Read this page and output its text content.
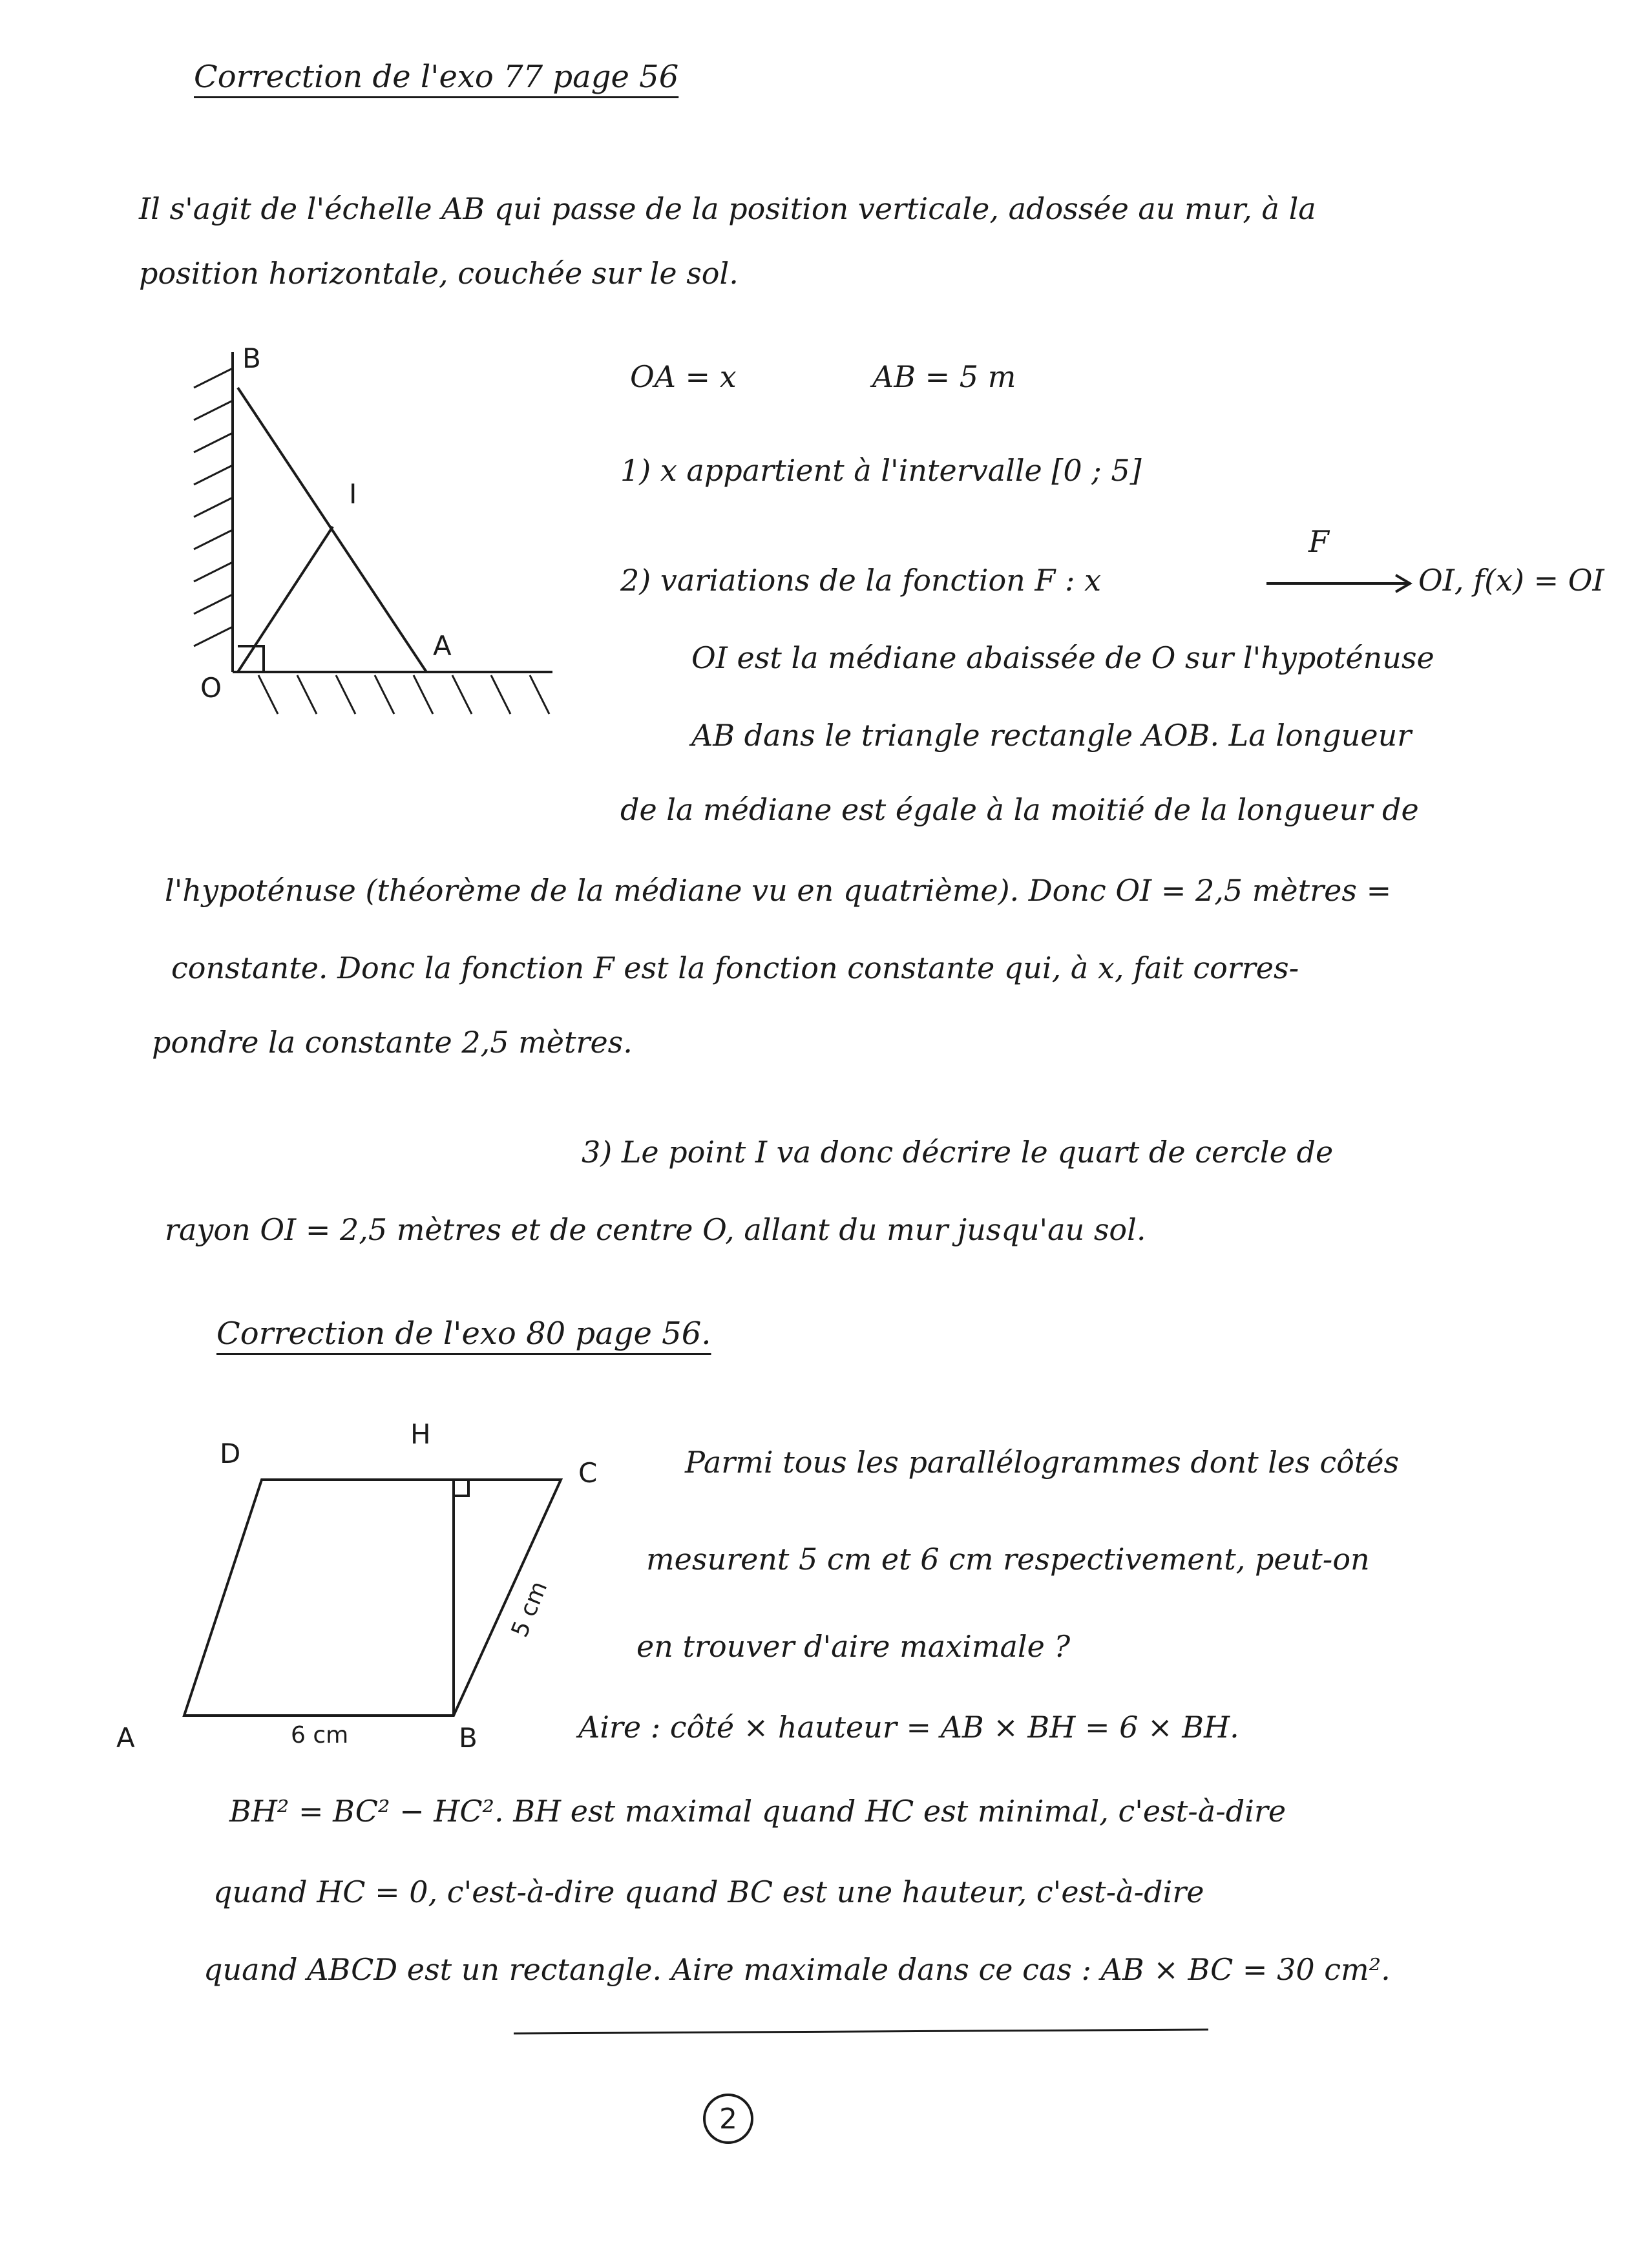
Correction de l'exo 77 page 56
Il s'agit de l'échelle AB qui passe de la position verticale, adossée au mur, à la
position horizontale, couchée sur le sol.
B
I
A
O
OA = x	AB = 5 m
1) x appartient à l'intervalle [0 ; 5]
2) variations de la fonction F : x
F
OI, f(x) = OI
OI est la médiane abaissée de O sur l'hypoténuse
AB dans le triangle rectangle AOB. La longueur
de la médiane est égale à la moitié de la longueur de
l'hypoténuse (théorème de la médiane vu en quatrième). Donc OI = 2,5 mètres =
constante. Donc la fonction F est la fonction constante qui, à x, fait corres-
pondre la constante 2,5 mètres.
3) Le point I va donc décrire le quart de cercle de
rayon OI = 2,5 mètres et de centre O, allant du mur jusqu'au sol.
Correction de l'exo 80 page 56.
D
H
C
A	B
6 cm
5 cm
Parmi tous les parallélogrammes dont les côtés
mesurent 5 cm et 6 cm respectivement, peut-on
en trouver d'aire maximale ?
Aire : côté × hauteur = AB × BH = 6 × BH.
BH² = BC² − HC². BH est maximal quand HC est minimal, c'est-à-dire
quand HC = 0, c'est-à-dire quand BC est une hauteur, c'est-à-dire
quand ABCD est un rectangle. Aire maximale dans ce cas : AB × BC = 30 cm².
2
